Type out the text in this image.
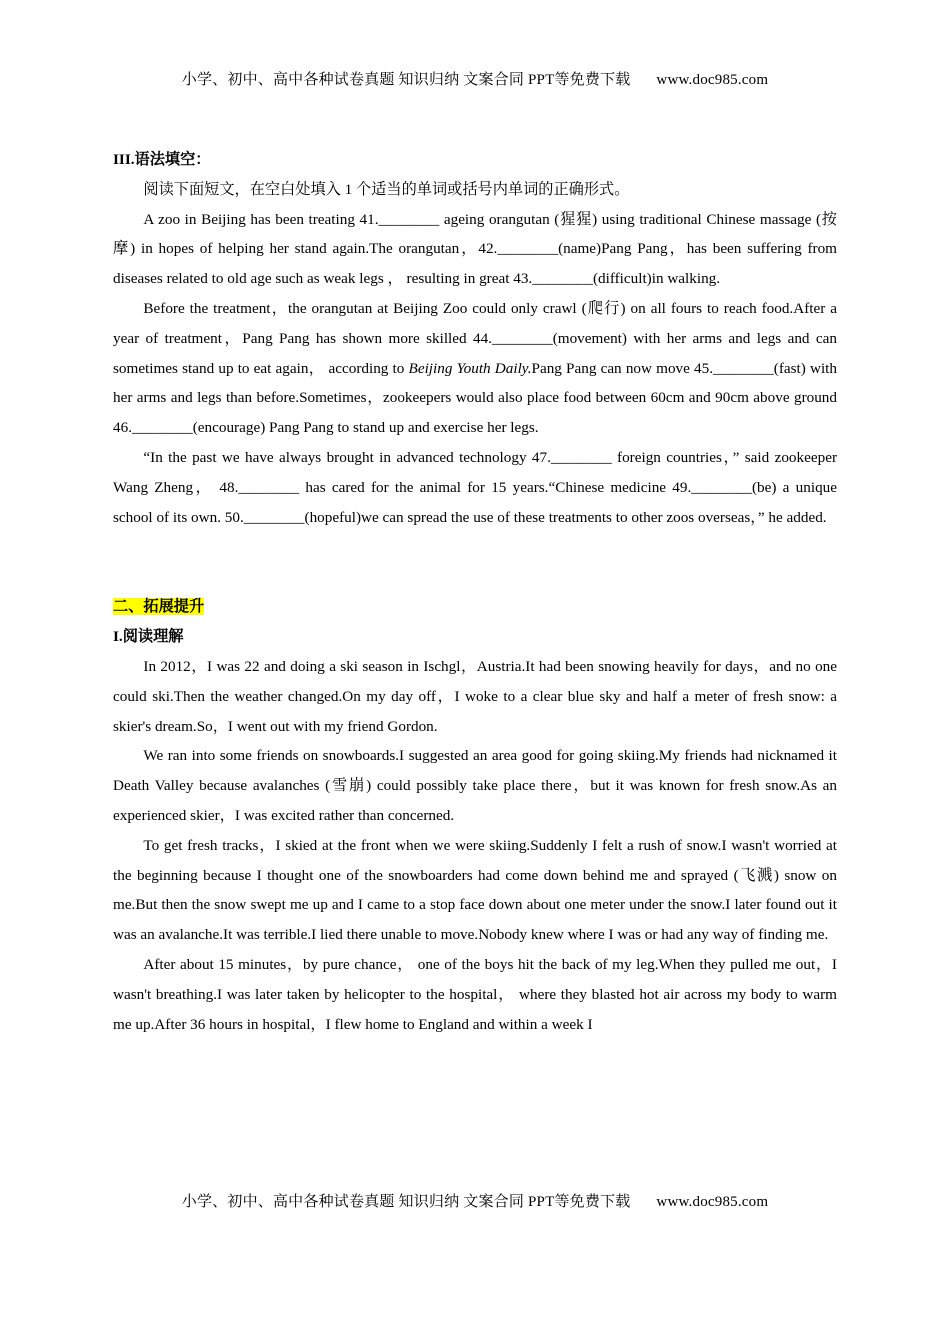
小学、初中、高中各种试卷真题 知识归纳 文案合同 PPT等免费下载 www.doc985.com

III.语法填空：

阅读下面短文，在空白处填入 1 个适当的单词或括号内单词的正确形式。

A zoo in Beijing has been treating 41.________ ageing orangutan (猩猩) using traditional Chinese massage (按摩) in hopes of helping her stand again.The orangutan，42.________(name)Pang Pang，has been suffering from diseases related to old age such as weak legs ， resulting in great 43.________(difficult)in walking.

Before the treatment，the orangutan at Beijing Zoo could only crawl (爬行) on all fours to reach food.After a year of treatment，Pang Pang has shown more skilled 44.________(movement) with her arms and legs and can sometimes stand up to eat again， according to Beijing Youth Daily.Pang Pang can now move 45.________(fast) with her arms and legs than before.Sometimes，zookeepers would also place food between 60cm and 90cm above ground 46.________(encourage) Pang Pang to stand up and exercise her legs.

“In the past we have always brought in advanced technology 47.________ foreign countries，” said zookeeper Wang Zheng， 48.________ has cared for the animal for 15 years.“Chinese medicine 49.________(be) a unique school of its own. 50.________(hopeful)we can spread the use of these treatments to other zoos overseas，” he added.

二、拓展提升

I.阅读理解

In 2012，I was 22 and doing a ski season in Ischgl，Austria.It had been snowing heavily for days，and no one could ski.Then the weather changed.On my day off，I woke to a clear blue sky and half a meter of fresh snow: a skier's dream.So，I went out with my friend Gordon.

We ran into some friends on snowboards.I suggested an area good for going skiing.My friends had nicknamed it Death Valley because avalanches (雪崩) could possibly take place there，but it was known for fresh snow.As an experienced skier，I was excited rather than concerned.

To get fresh tracks，I skied at the front when we were skiing.Suddenly I felt a rush of snow.I wasn't worried at the beginning because I thought one of the snowboarders had come down behind me and sprayed (飞溅) snow on me.But then the snow swept me up and I came to a stop face down about one meter under the snow.I later found out it was an avalanche.It was terrible.I lied there unable to move.Nobody knew where I was or had any way of finding me.

After about 15 minutes，by pure chance， one of the boys hit the back of my leg.When they pulled me out，I wasn't breathing.I was later taken by helicopter to the hospital， where they blasted hot air across my body to warm me up.After 36 hours in hospital，I flew home to England and within a week I

小学、初中、高中各种试卷真题 知识归纳 文案合同 PPT等免费下载 www.doc985.com
